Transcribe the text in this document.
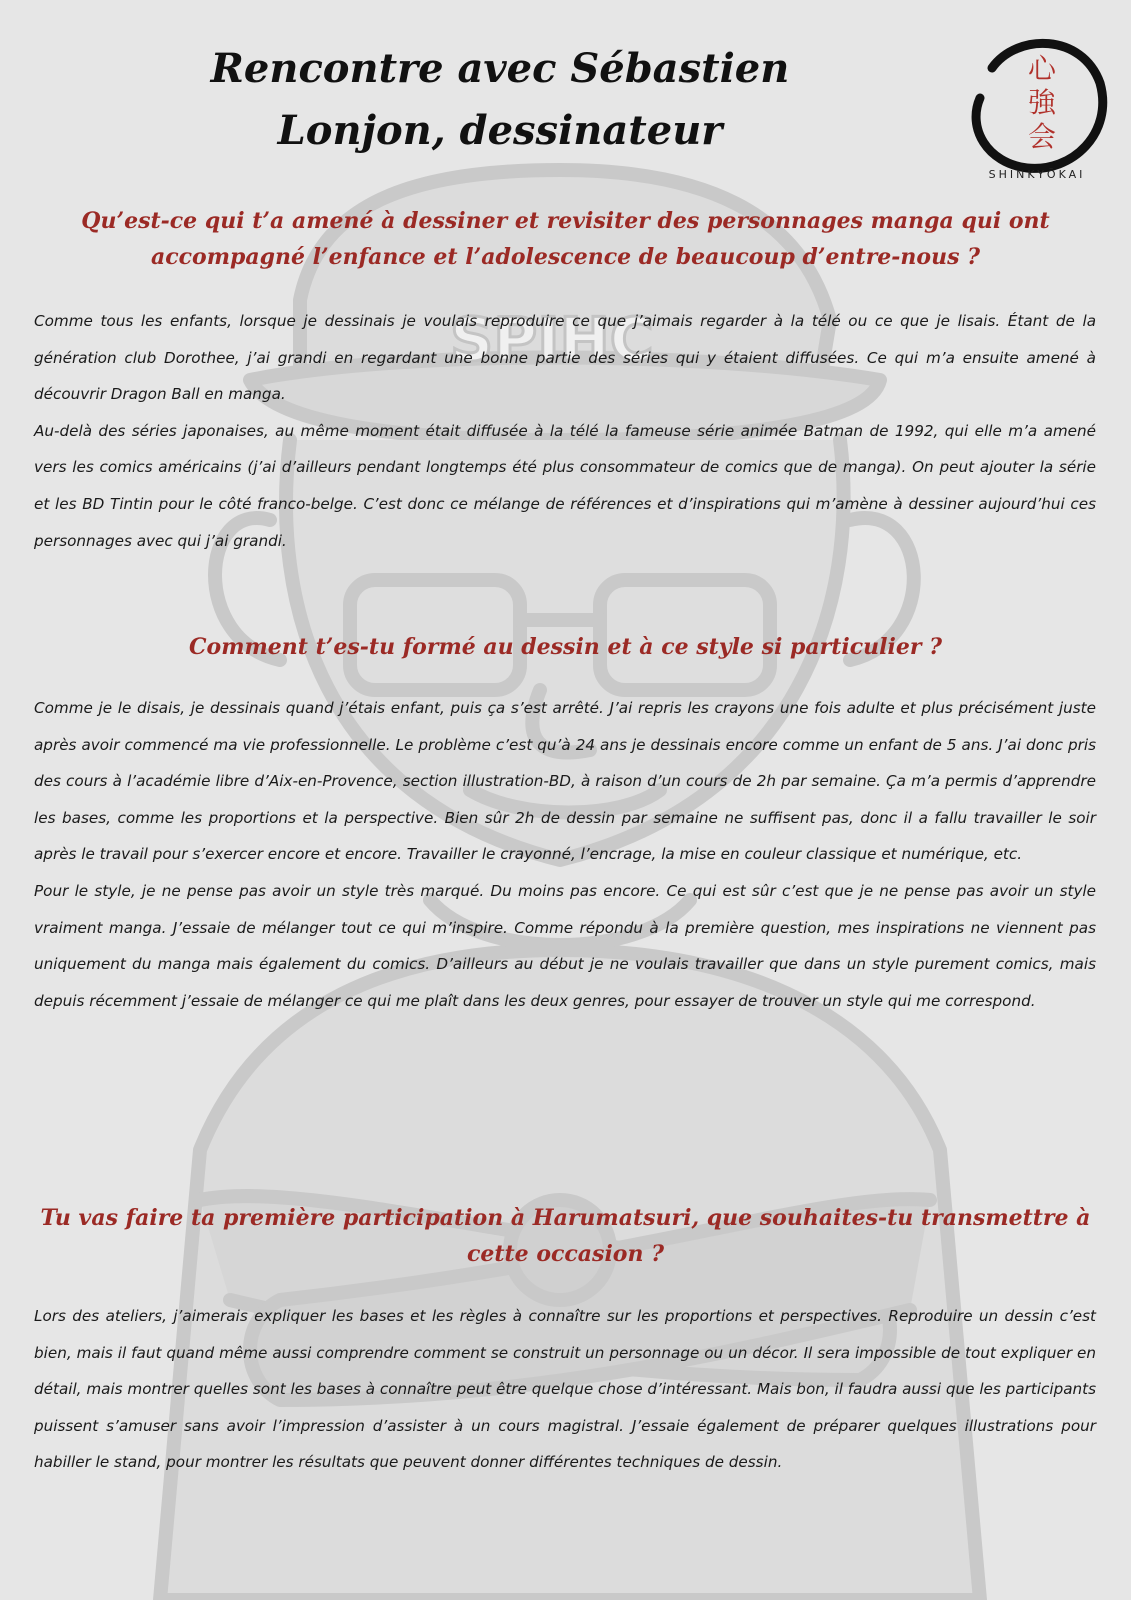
SPIHC
Rencontre avec Sébastien Lonjon, dessinateur
心
強
会
SHINKYŌKAI
Qu’est-ce qui t’a amené à dessiner et revisiter des personnages manga qui ont accompagné l’enfance et l’adolescence de beaucoup d’entre-nous ?

Comme tous les enfants, lorsque je dessinais je voulais reproduire ce que j’aimais regarder à la télé ou ce que je lisais. Étant de la génération club Dorothee, j’ai grandi en regardant une bonne partie des séries qui y étaient diffusées. Ce qui m’a ensuite amené à découvrir Dragon Ball en manga.

Au-delà des séries japonaises, au même moment était diffusée à la télé la fameuse série animée Batman de 1992, qui elle m’a amené vers les comics américains (j’ai d’ailleurs pendant longtemps été plus consommateur de comics que de manga). On peut ajouter la série et les BD Tintin pour le côté franco-belge. C’est donc ce mélange de références et d’inspirations qui m’amène à dessiner aujourd’hui ces personnages avec qui j’ai grandi.

Comment t’es-tu formé au dessin et à ce style si particulier ?

Comme je le disais, je dessinais quand j’étais enfant, puis ça s’est arrêté. J’ai repris les crayons une fois adulte et plus précisément juste après avoir commencé ma vie professionnelle. Le problème c’est qu’à 24 ans je dessinais encore comme un enfant de 5 ans. J’ai donc pris des cours à l’académie libre d’Aix-en-Provence, section illustration-BD, à raison d’un cours de 2h par semaine. Ça m’a permis d’apprendre les bases, comme les proportions et la perspective. Bien sûr 2h de dessin par semaine ne suffisent pas, donc il a fallu travailler le soir après le travail pour s’exercer encore et encore. Travailler le crayonné, l’encrage, la mise en couleur classique et numérique, etc.

Pour le style, je ne pense pas avoir un style très marqué. Du moins pas encore. Ce qui est sûr c’est que je ne pense pas avoir un style vraiment manga. J’essaie de mélanger tout ce qui m’inspire. Comme répondu à la première question, mes inspirations ne viennent pas uniquement du manga mais également du comics. D’ailleurs au début je ne voulais travailler que dans un style purement comics, mais depuis récemment j’essaie de mélanger ce qui me plaît dans les deux genres, pour essayer de trouver un style qui me correspond.

Tu vas faire ta première participation à Harumatsuri, que souhaites-tu transmettre à cette occasion ?

Lors des ateliers, j’aimerais expliquer les bases et les règles à connaître sur les proportions et perspectives. Reproduire un dessin c’est bien, mais il faut quand même aussi comprendre comment se construit un personnage ou un décor. Il sera impossible de tout expliquer en détail, mais montrer quelles sont les bases à connaître peut être quelque chose d’intéressant. Mais bon, il faudra aussi que les participants puissent s’amuser sans avoir l’impression d’assister à un cours magistral. J’essaie également de préparer quelques illustrations pour habiller le stand, pour montrer les résultats que peuvent donner différentes techniques de dessin.
